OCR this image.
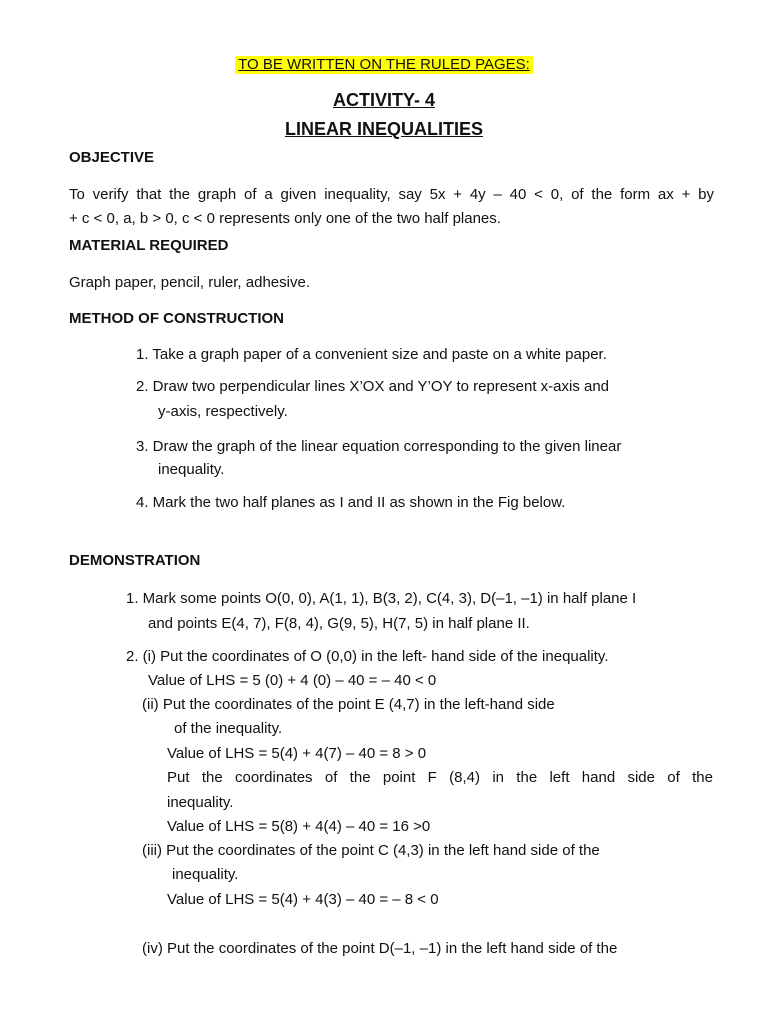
TO BE WRITTEN ON THE RULED PAGES:
ACTIVITY- 4
LINEAR INEQUALITIES
OBJECTIVE
To verify that the graph of a given inequality, say 5x + 4y – 40 < 0, of the form ax + by
+ c < 0, a, b > 0, c < 0 represents only one of the two half planes.
MATERIAL REQUIRED
Graph paper, pencil, ruler, adhesive.
METHOD OF CONSTRUCTION
1. Take a graph paper of a convenient size and paste on a white paper.
2. Draw two perpendicular lines X’OX and Y’OY to represent x-axis and
y-axis, respectively.
3. Draw the graph of the linear equation corresponding to the given linear
inequality.
4. Mark the two half planes as I and II as shown in the Fig below.
DEMONSTRATION
1. Mark some points O(0, 0), A(1, 1), B(3, 2), C(4, 3), D(–1, –1) in half plane I
and points E(4, 7), F(8, 4), G(9, 5), H(7, 5) in half plane II.
2. (i) Put the coordinates of O (0,0) in the left- hand side of the inequality.
Value of LHS = 5 (0) + 4 (0) – 40 = – 40 < 0
(ii) Put the coordinates of the point E (4,7) in the left-hand side
of the inequality.
Value of LHS = 5(4) + 4(7) – 40 = 8 > 0
Put the coordinates of the point F (8,4) in the left hand side of the
inequality.
Value of LHS = 5(8) + 4(4) – 40 = 16 >0
(iii) Put the coordinates of the point C (4,3) in the left hand side of the
inequality.
Value of LHS = 5(4) + 4(3) – 40 = – 8 < 0
(iv) Put the coordinates of the point D(–1, –1) in the left hand side of the
